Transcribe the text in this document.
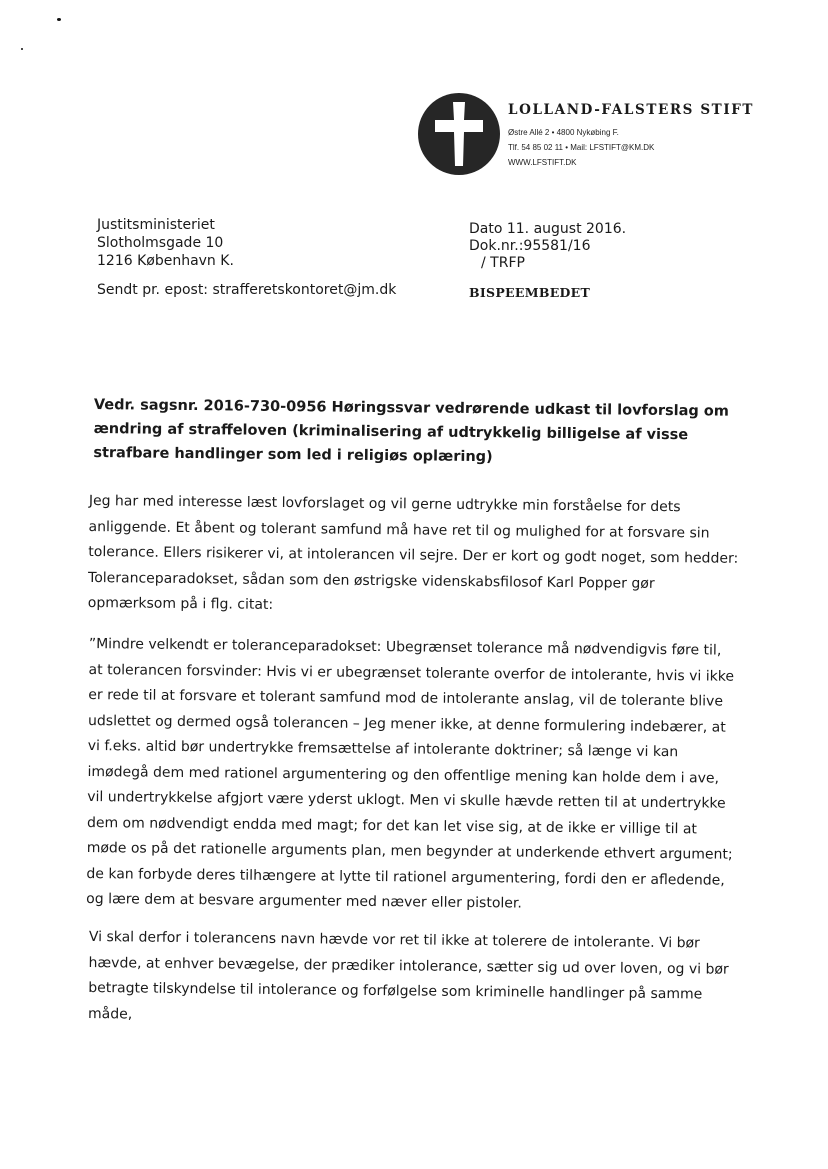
LOLLAND-FALSTERS STIFT
Østre Allé 2 • 4800 Nykøbing F.
Tlf. 54 85 02 11 • Mail: LFSTIFT@KM.DK
WWW.LFSTIFT.DK
Justitsministeriet
Slotholmsgade 10
1216 København K.
Dato 11. august 2016.
Dok.nr.:95581/16
/ TRFP
Sendt pr. epost: strafferetskontoret@jm.dk	BISPEEMBEDET
Vedr. sagsnr. 2016-730-0956 Høringssvar vedrørende udkast til lovforslag om ændring af straffeloven (kriminalisering af udtrykkelig billigelse af visse strafbare handlinger som led i religiøs oplæring)
Jeg har med interesse læst lovforslaget og vil gerne udtrykke min forståelse for dets anliggende. Et åbent og tolerant samfund må have ret til og mulighed for at forsvare sin tolerance. Ellers risikerer vi, at intolerancen vil sejre. Der er kort og godt noget, som hedder: Toleranceparadokset, sådan som den østrigske videnskabsfilosof Karl Popper gør opmærksom på i flg. citat:
”Mindre velkendt er toleranceparadokset: Ubegrænset tolerance må nødvendigvis føre til, at tolerancen forsvinder: Hvis vi er ubegrænset tolerante overfor de intolerante, hvis vi ikke er rede til at forsvare et tolerant samfund mod de intolerante anslag, vil de tolerante blive udslettet og dermed også tolerancen – Jeg mener ikke, at denne formulering indebærer, at vi f.eks. altid bør undertrykke fremsættelse af intolerante doktriner; så længe vi kan imødegå dem med rationel argumentering og den offentlige mening kan holde dem i ave, vil undertrykkelse afgjort være yderst uklogt. Men vi skulle hævde retten til at undertrykke dem om nødvendigt endda med magt; for det kan let vise sig, at de ikke er villige til at møde os på det rationelle arguments plan, men begynder at underkende ethvert argument; de kan forbyde deres tilhængere at lytte til rationel argumentering, fordi den er afledende, og lære dem at besvare argumenter med næver eller pistoler.
Vi skal derfor i tolerancens navn hævde vor ret til ikke at tolerere de intolerante. Vi bør hævde, at enhver bevægelse, der prædiker intolerance, sætter sig ud over loven, og vi bør betragte tilskyndelse til intolerance og forfølgelse som kriminelle handlinger på samme måde,
